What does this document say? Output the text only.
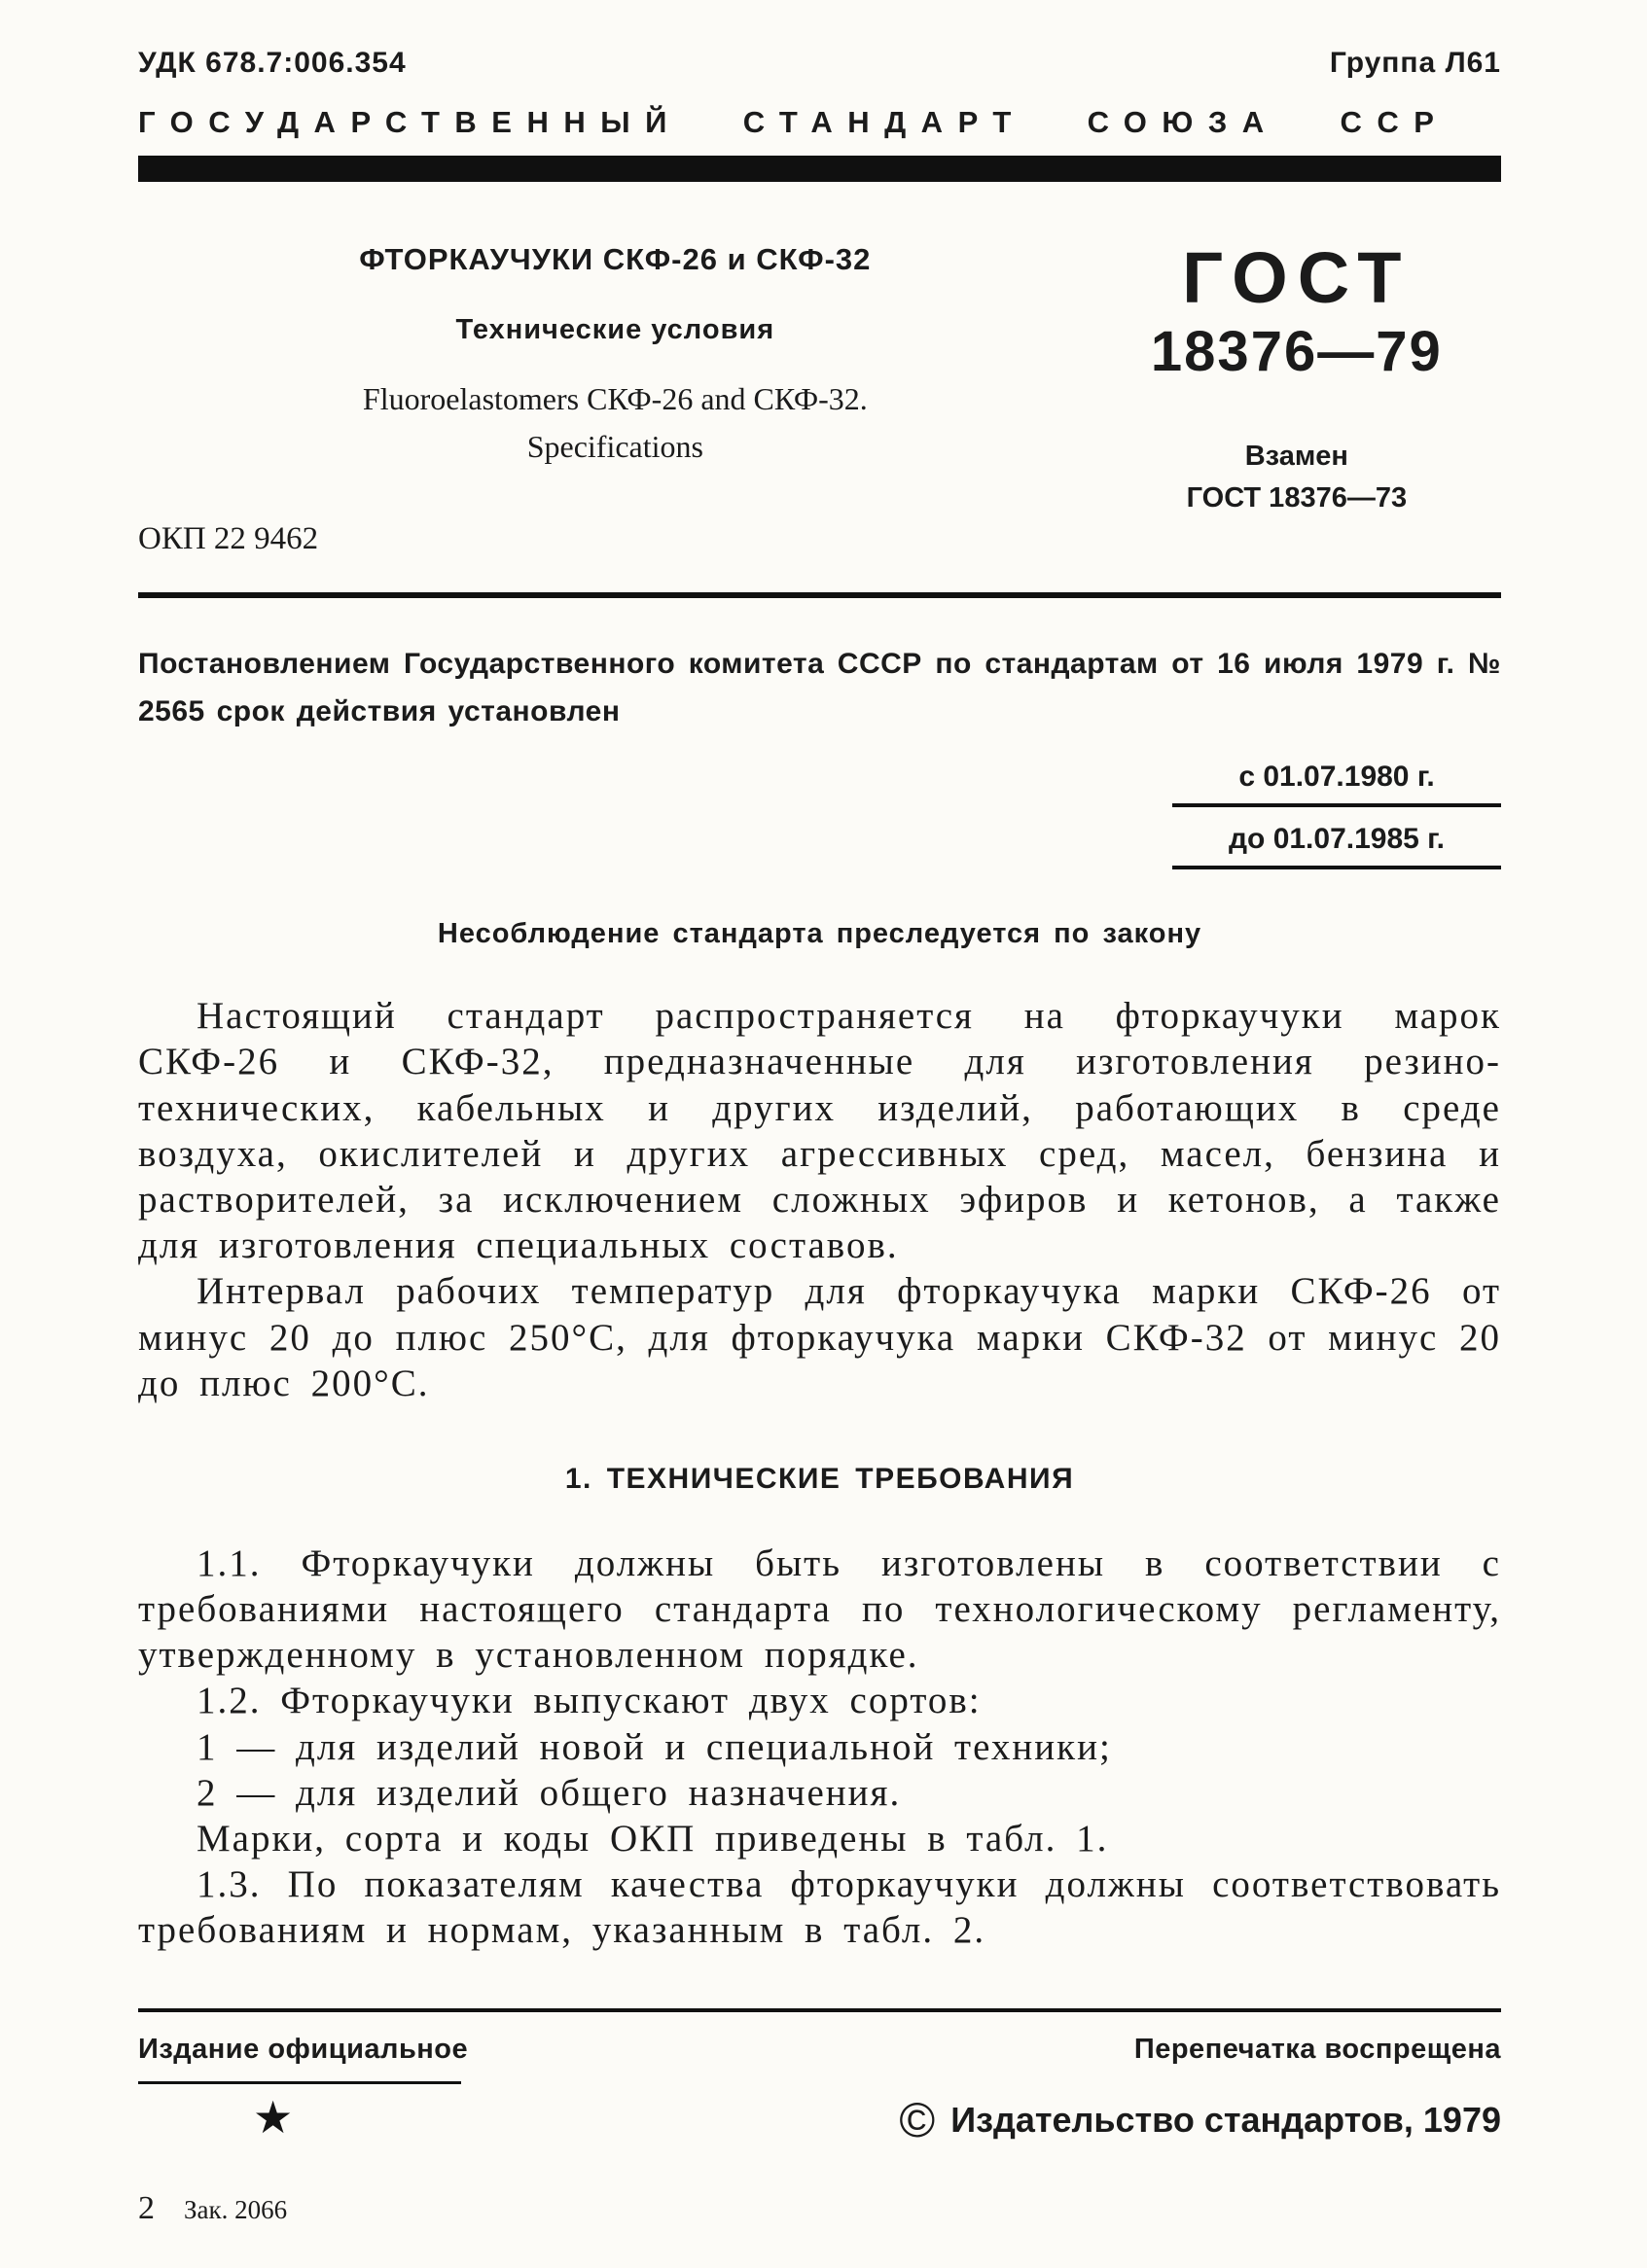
УДК 678.7:006.354	Группа Л61
ГОСУДАРСТВЕННЫЙ СТАНДАРТ СОЮЗА ССР
ФТОРКАУЧУКИ СКФ-26 и СКФ-32
Технические условия
Fluoroelastomers СКФ-26 and СКФ-32.
Specifications
ОКП 22 9462
ГОСТ
18376—79
Взамен
ГОСТ 18376—73
Постановлением Государственного комитета СССР по стандартам от 16 июля 1979 г. № 2565 срок действия установлен
с 01.07.1980 г.
до 01.07.1985 г.
Несоблюдение стандарта преследуется по закону

Настоящий стандарт распространяется на фторкаучуки марок СКФ-26 и СКФ-32, предназначенные для изготовления резино-технических, кабельных и других изделий, работающих в среде воздуха, окислителей и других агрессивных сред, масел, бензина и растворителей, за исключением сложных эфиров и кетонов, а также для изготовления специальных составов.

Интервал рабочих температур для фторкаучука марки СКФ-26 от минус 20 до плюс 250°С, для фторкаучука марки СКФ-32 от минус 20 до плюс 200°С.

1. ТЕХНИЧЕСКИЕ ТРЕБОВАНИЯ

1.1. Фторкаучуки должны быть изготовлены в соответствии с требованиями настоящего стандарта по технологическому регламенту, утвержденному в установленном порядке.

1.2. Фторкаучуки выпускают двух сортов:

1 — для изделий новой и специальной техники;

2 — для изделий общего назначения.

Марки, сорта и коды ОКП приведены в табл. 1.

1.3. По показателям качества фторкаучуки должны соответствовать требованиям и нормам, указанным в табл. 2.

Издание официальное	Перепечатка воспрещена
★	© Издательство стандартов, 1979
2 Зак. 2066
